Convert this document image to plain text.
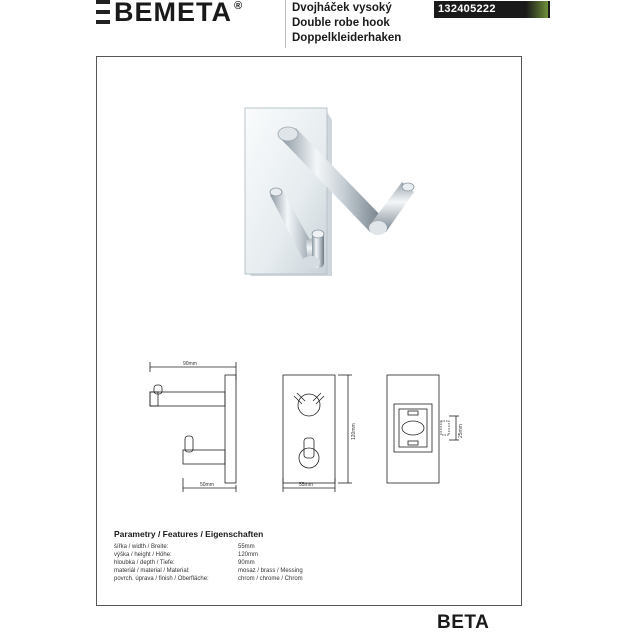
BEMETA ®	Dvojháček vysoký
Double robe hook
Doppelkleiderhaken
132405222
90mm
50mm	55mm
120mm	25mm
Parametry / Features / Eigenschaften
šířka / width / Breite:	55mm
výška / height / Höhe:	120mm
hloubka / depth / Tiefe:	90mm
materiál / material / Material:	mosaz / brass / Messing
povrch. úprava / finish / Oberfläche:	chrom / chrome / Chrom
BETA
